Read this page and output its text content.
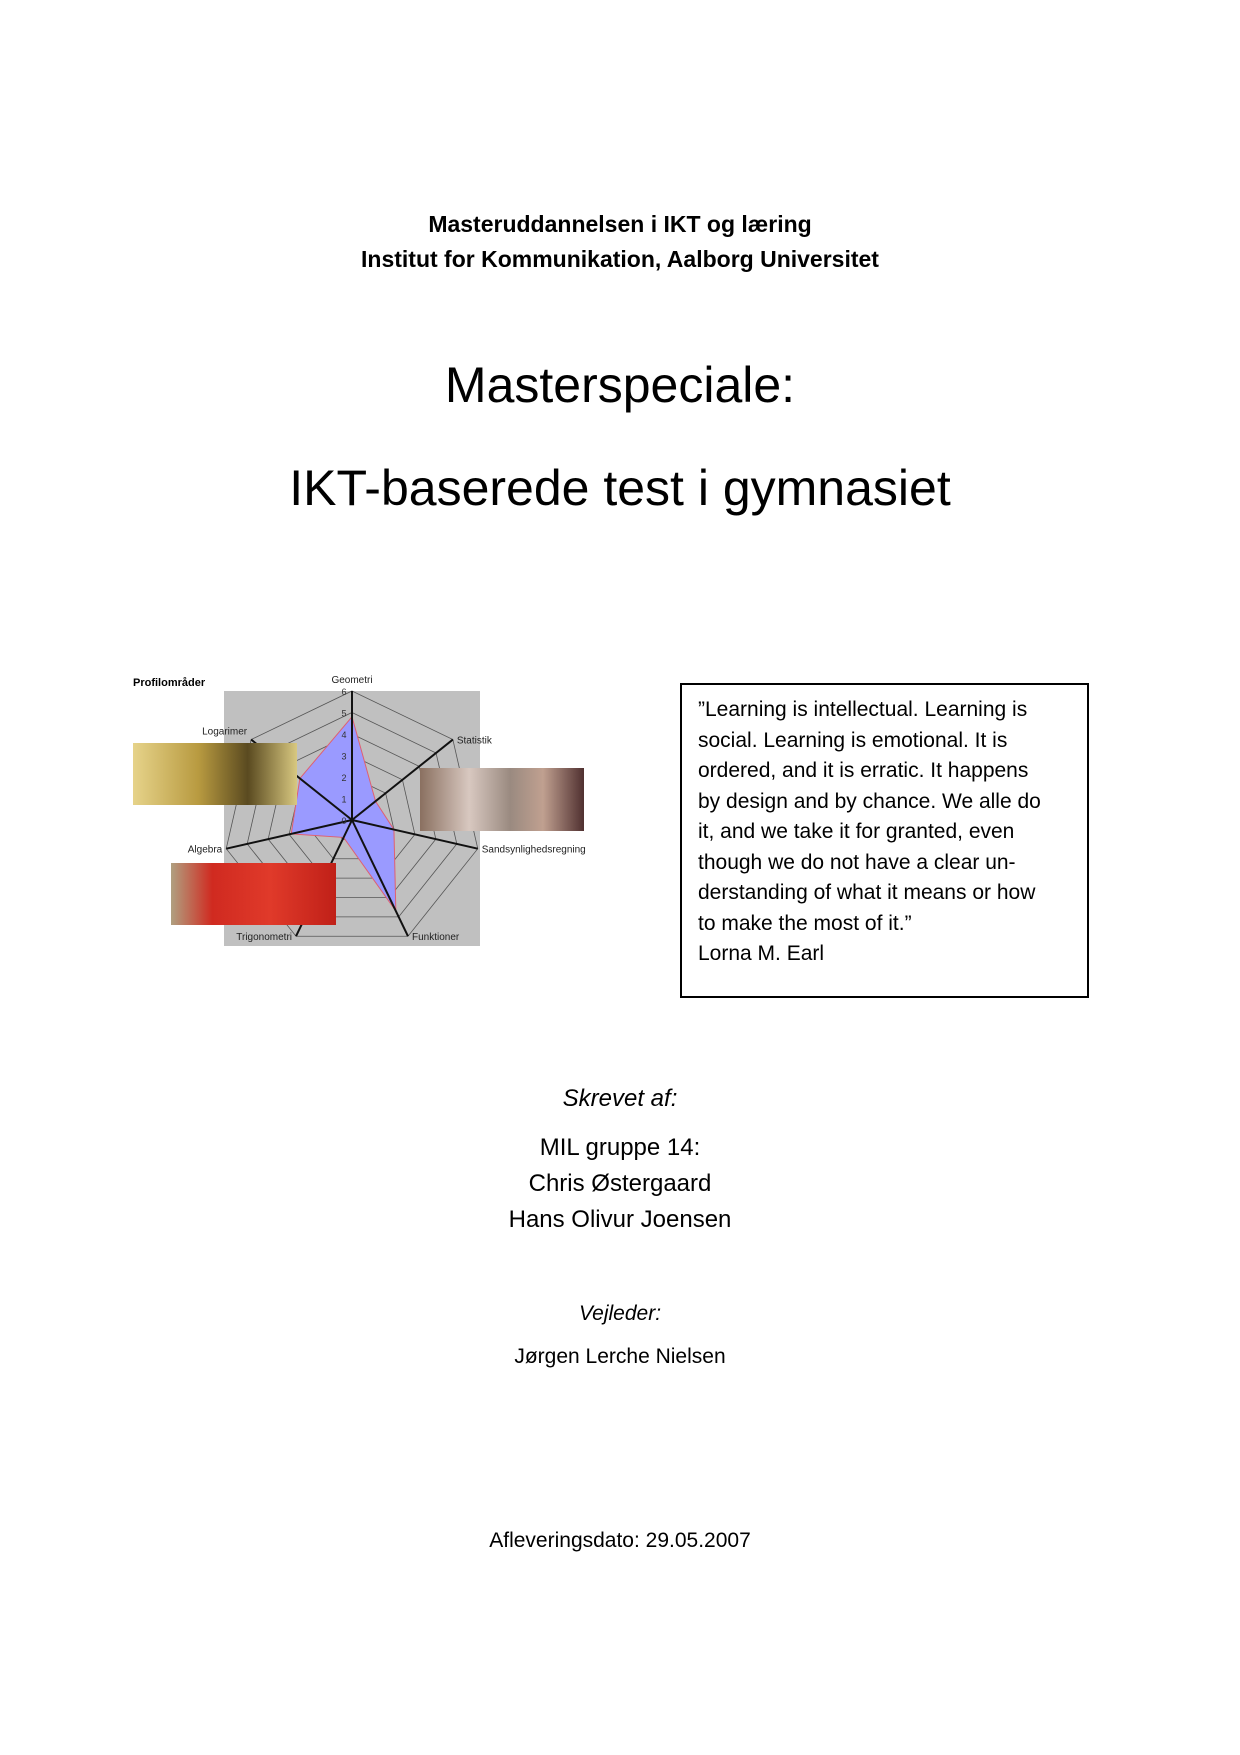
Masteruddannelsen i IKT og læring
Institut for Kommunikation, Aalborg Universitet
Masterspeciale:
IKT-baserede test i gymnasiet
Profilområder	Geometri
Statistik
Sandsynlighedsregning
Funktioner
Trigonometri
Algebra
Logarimer
0
1
2
3
4
5
6
”Learning is intellectual. Learning is
social. Learning is emotional. It is
ordered, and it is erratic. It happens
by design and by chance. We alle do
it, and we take it for granted, even
though we do not have a clear un-
derstanding of what it means or how
to make the most of it.”
Lorna M. Earl
Skrevet af:
MIL gruppe 14:
Chris Østergaard
Hans Olivur Joensen
Vejleder:
Jørgen Lerche Nielsen
Afleveringsdato: 29.05.2007
